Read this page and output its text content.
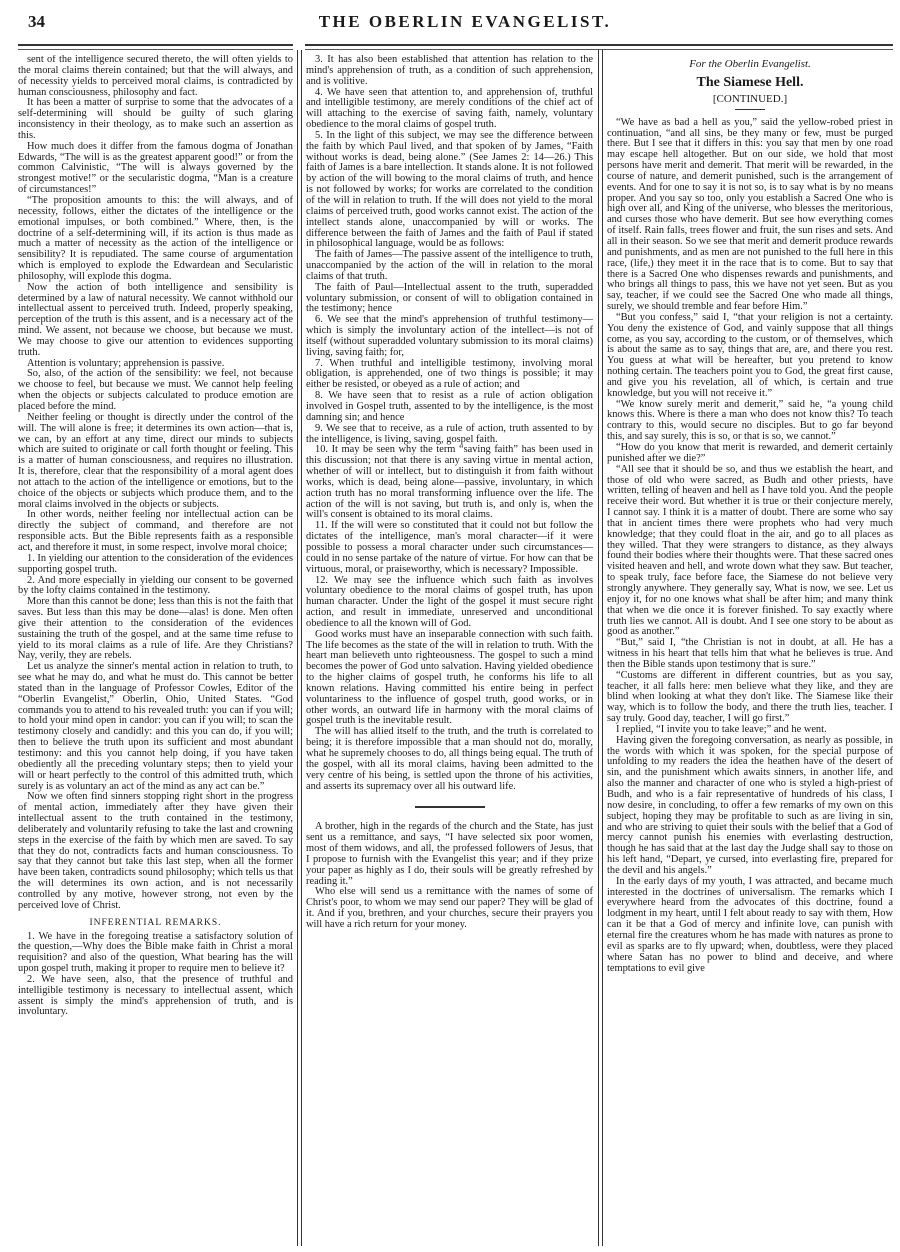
34	THE OBERLIN EVANGELIST.

sent of the intelligence secured thereto, the will often yields to the moral claims therein contained; but that the will always, and of necessity yields to perceived moral claims, is contradicted by human consciousness, philosophy and fact.

It has been a matter of surprise to some that the advocates of a self-determining will should be guilty of such glaring inconsistency in their theology, as to make such an assertion as this.

How much does it differ from the famous dogma of Jonathan Edwards, “The will is as the greatest apparent good!” or from the common Calvinistic, “The will is always governed by the strongest motive!” or the secularistic dogma, “Man is a creature of circumstances!”

“The proposition amounts to this: the will always, and of necessity, follows, either the dictates of the intelligence or the emotional impulses, or both combined.” Where, then, is the doctrine of a self-determining will, if its action is thus made as much a matter of necessity as the action of the intelligence or sensibility? It is repudiated. The same course of argumentation which is employed to explode the Edwardean and Secularistic philosophy, will explode this dogma.

Now the action of both intelligence and sensibility is determined by a law of natural necessity. We cannot withhold our intellectual assent to perceived truth. Indeed, properly speaking, perception of the truth is this assent, and is a necessary act of the mind. We assent, not because we choose, but because we must. We may choose to give our attention to evidences supporting truth.

Attention is voluntary; apprehension is passive.

So, also, of the action of the sensibility: we feel, not because we choose to feel, but because we must. We cannot help feeling when the objects or subjects calculated to produce emotion are placed before the mind.

Neither feeling or thought is directly under the control of the will. The will alone is free; it determines its own action—that is, we can, by an effort at any time, direct our minds to subjects which are suited to originate or call forth thought or feeling. This is a matter of human consciousness, and requires no illustration. It is, therefore, clear that the responsibility of a moral agent does not attach to the action of the intelligence or emotions, but to the choice of the objects or subjects which produce them, and to the moral claims involved in the objects or subjects.

In other words, neither feeling nor intellectual action can be directly the subject of command, and therefore are not responsible acts. But the Bible represents faith as a responsible act, and therefore it must, in some respect, involve moral choice;

1. In yielding our attention to the consideration of the evidences supporting gospel truth.

2. And more especially in yielding our consent to be governed by the lofty claims contained in the testimony.

More than this cannot be done; less than this is not the faith that saves. But less than this may be done—alas! is done. Men often give their attention to the consideration of the evidences sustaining the truth of the gospel, and at the same time refuse to yield to its moral claims as a rule of life. Are they Christians? Nay, verily, they are rebels.

Let us analyze the sinner's mental action in relation to truth, to see what he may do, and what he must do. This cannot be better stated than in the language of Professor Cowles, Editor of the “Oberlin Evangelist,” Oberlin, Ohio, United States. “God commands you to attend to his revealed truth: you can if you will; to hold your mind open in candor: you can if you will; to scan the testimony closely and candidly: and this you can do, if you will; then to believe the truth upon its sufficient and most abundant testimony: and this you cannot help doing, if you have taken obediently all the preceding voluntary steps; then to yield your will or heart perfectly to the control of this admitted truth, which surely is as voluntary an act of the mind as any act can be.”

Now we often find sinners stopping right short in the progress of mental action, immediately after they have given their intellectual assent to the truth contained in the testimony, deliberately and voluntarily refusing to take the last and crowning steps in the exercise of the faith by which men are saved. To say that they do not, contradicts facts and human consciousness. To say that they cannot but take this last step, when all the former have been taken, contradicts sound philosophy; which tells us that the will determines its own action, and is not necessarily controlled by any motive, however strong, not even by the perceived love of Christ.

INFERENTIAL REMARKS.

1. We have in the foregoing treatise a satisfactory solution of the question,—Why does the Bible make faith in Christ a moral requisition? and also of the question, What bearing has the will upon gospel truth, making it proper to require men to believe it?

2. We have seen, also, that the presence of truthful and intelligible testimony is necessary to intellectual assent, which assent is simply the mind's apprehension of truth, and is involuntary.

3. It has also been established that attention has relation to the mind's apprehension of truth, as a condition of such apprehension, and is volitive.

4. We have seen that attention to, and apprehension of, truthful and intelligible testimony, are merely conditions of the chief act of will attaching to the exercise of saving faith, namely, voluntary obedience to the moral claims of gospel truth.

5. In the light of this subject, we may see the difference between the faith by which Paul lived, and that spoken of by James, “Faith without works is dead, being alone.” (See James 2: 14—26.) This faith of James is a bare intellection. It stands alone. It is not followed by action of the will bowing to the moral claims of truth, and hence is not followed by works; for works are correlated to the condition of the will in relation to truth. If the will does not yield to the moral claims of perceived truth, good works cannot exist. The action of the intellect stands alone, unaccompanied by will or works. The difference between the faith of James and the faith of Paul if stated in philosophical language, would be as follows:

The faith of James—The passive assent of the intelligence to truth, unaccompanied by the action of the will in relation to the moral claims of that truth.

The faith of Paul—Intellectual assent to the truth, superadded voluntary submission, or consent of will to obligation contained in the testimony; hence

6. We see that the mind's apprehension of truthful testimony—which is simply the involuntary action of the intellect—is not of itself (without superadded voluntary submission to its moral claims) living, saving faith; for,

7. When truthful and intelligible testimony, involving moral obligation, is apprehended, one of two things is possible; it may either be resisted, or obeyed as a rule of action; and

8. We have seen that to resist as a rule of action obligation involved in Gospel truth, assented to by the intelligence, is the most damning sin; and hence

9. We see that to receive, as a rule of action, truth assented to by the intelligence, is living, saving, gospel faith.

10. It may be seen why the term “saving faith” has been used in this discussion; not that there is any saving virtue in mental action, whether of will or intellect, but to distinguish it from faith without works, which is dead, being alone—passive, involuntary, in which action truth has no moral transforming influence over the life. The action of the will is not saving, but truth is, and only is, when the will's consent is obtained to its moral claims.

11. If the will were so constituted that it could not but follow the dictates of the intelligence, man's moral character—if it were possible to possess a moral character under such circumstances—could in no sense partake of the nature of virtue. For how can that be virtuous, moral, or praiseworthy, which is necessary? Impossible.

12. We may see the influence which such faith as involves voluntary obedience to the moral claims of gospel truth, has upon human character. Under the light of the gospel it must secure right action, and result in immediate, unreserved and unconditional obedience to all the known will of God.

Good works must have an inseparable connection with such faith. The life becomes as the state of the will in relation to truth. With the heart man believeth unto righteousness. The gospel to such a mind becomes the power of God unto salvation. Having yielded obedience to the higher claims of gospel truth, he conforms his life to all known relations. Having committed his entire being in perfect voluntariness to the influence of gospel truth, good works, or in other words, an outward life in harmony with the moral claims of gospel truth is the inevitable result.

The will has allied itself to the truth, and the truth is correlated to being; it is therefore impossible that a man should not do, morally, what he supremely chooses to do, all things being equal. The truth of the gospel, with all its moral claims, having been admitted to the very centre of his being, is settled upon the throne of his activities, and asserts its supremacy over all his outward life.

A brother, high in the regards of the church and the State, has just sent us a remittance, and says, “I have selected six poor women, most of them widows, and all, the professed followers of Jesus, that I propose to furnish with the Evangelist this year; and if they prize your paper as highly as I do, their souls will be greatly refreshed by reading it.”

Who else will send us a remittance with the names of some of Christ's poor, to whom we may send our paper? They will be glad of it. And if you, brethren, and your churches, secure their prayers you will have a rich return for your money.

For the Oberlin Evangelist.

The Siamese Hell.

[CONTINUED.]

“We have as bad a hell as you,” said the yellow-robed priest in continuation, “and all sins, be they many or few, must be purged there. But I see that it differs in this: you say that men by one road may escape hell altogether. But on our side, we hold that most persons have merit and demerit. That merit will be rewarded, in the course of nature, and demerit punished, such is the arrangement of events. And for one to say it is not so, is to say what is by no means proper. And you say so too, only you establish a Sacred One who is high over all, and King of the universe, who blesses the meritorious, and curses those who have demerit. But see how everything comes of itself. Rain falls, trees flower and fruit, the sun rises and sets. And all in their season. So we see that merit and demerit produce rewards and punishments, and as men are not punished to the full here in this race, (life,) they meet it in the race that is to come. But to say that there is a Sacred One who dispenses rewards and punishments, and who brings all things to pass, this we have not yet seen. But as you say, teacher, if we could see the Sacred One who made all things, surely, we should tremble and fear before Him.”

“But you confess,” said I, “that your religion is not a certainty. You deny the existence of God, and vainly suppose that all things come, as you say, according to the custom, or of themselves, which is about the same as to say, things that are, are, and there you rest. You guess at what will be hereafter, but you pretend to know nothing certain. The teachers point you to God, the great first cause, and give you his revelation, all of which, is certain and true knowledge, but you will not receive it.”

“We know surely merit and demerit,” said he, “a young child knows this. Where is there a man who does not know this? To teach contrary to this, would secure no disciples. But to go far beyond this, and say surely, this is so, or that is so, we cannot.”

“How do you know that merit is rewarded, and demerit certainly punished after we die?”

“All see that it should be so, and thus we establish the heart, and those of old who were sacred, as Budh and other priests, have written, telling of heaven and hell as I have told you. And the people receive their word. But whether it is true or their conjecture merely, I cannot say. I think it is a matter of doubt. There are some who say that in ancient times there were prophets who had very much knowledge; that they could float in the air, and go to all places as they willed. That they were strangers to distance, as they always found their bodies where their thoughts were. That these sacred ones visited heaven and hell, and wrote down what they saw. But teacher, to speak truly, face before face, the Siamese do not believe very strongly anywhere. They generally say, What is now, we see. Let us enjoy it, for no one knows what shall be after him; and many think that when we die once it is forever finished. To say exactly where truth lies we cannot. All is doubt. And I see one story to be about as good as another.”

“But,” said I, “the Christian is not in doubt, at all. He has a witness in his heart that tells him that what he believes is true. And then the Bible stands upon testimony that is sure.”

“Customs are different in different countries, but as you say, teacher, it all falls here: men believe what they like, and they are blind when looking at what they don't like. The Siamese like their way, which is to follow the body, and there the truth lies, teacher. I say truly. Good day, teacher, I will go first.”

I replied, “I invite you to take leave;” and he went.

Having given the foregoing conversation, as nearly as possible, in the words with which it was spoken, for the special purpose of unfolding to my readers the idea the heathen have of the desert of sin, and the punishment which awaits sinners, in another life, and also the manner and character of one who is styled a high-priest of Budh, and who is a fair representative of hundreds of his class, I now desire, in concluding, to offer a few remarks of my own on this subject, hoping they may be profitable to such as are living in sin, and who are striving to quiet their souls with the belief that a God of mercy cannot punish his enemies with everlasting destruction, though he has said that at the last day the Judge shall say to those on his left hand, “Depart, ye cursed, into everlasting fire, prepared for the devil and his angels.”

In the early days of my youth, I was attracted, and became much interested in the doctrines of universalism. The remarks which I everywhere heard from the advocates of this doctrine, found a lodgment in my heart, until I felt about ready to say with them, How can it be that a God of mercy and infinite love, can punish with eternal fire the creatures whom he has made with natures as prone to evil as sparks are to fly upward; when, doubtless, were they placed where Satan has no power to blind and deceive, and where temptations to evil give
